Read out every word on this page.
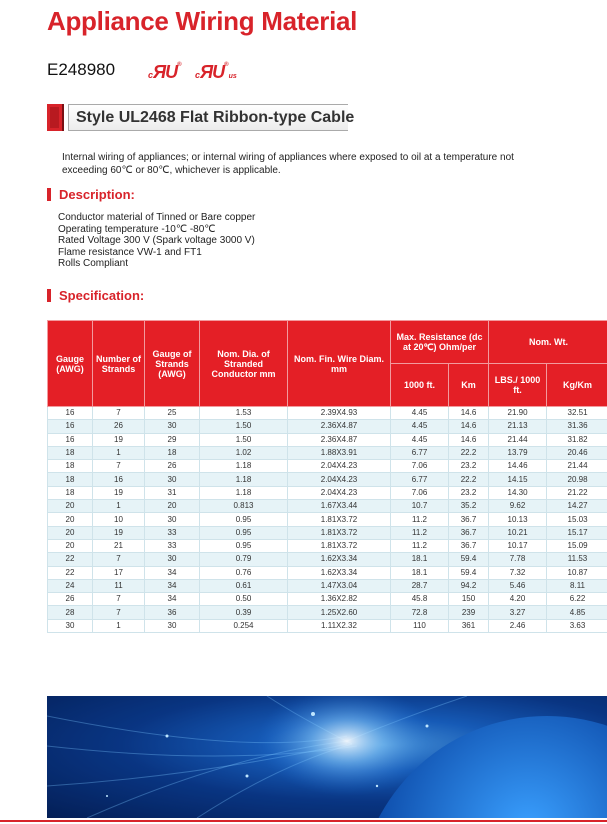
Appliance Wiring Material
E248980	cЯU®
cЯU®us
Style UL2468 Flat Ribbon-type Cable
Internal wiring of appliances; or internal wiring of appliances where exposed to oil at a temperature not exceeding 60℃ or 80℃, whichever is applicable.
Description:
Conductor material of Tinned or Bare copper
Operating temperature -10℃ -80℃
Rated Voltage 300 V (Spark voltage 3000 V)
Flame resistance VW-1 and FT1
Rolls Compliant
Specification:
Gauge (AWG)	Number of Strands	Gauge of Strands (AWG)	Nom. Dia. of Stranded Conductor mm	Nom. Fin. Wire Diam. mm	Max. Resistance (dc at 20℃) Ohm/per		Nom. Wt.	
					1000 ft.	Km	LBS./ 1000 ft.	Kg/Km
16	7	25	1.53	2.39X4.93	4.45	14.6	21.90	32.51
16	26	30	1.50	2.36X4.87	4.45	14.6	21.13	31.36
16	19	29	1.50	2.36X4.87	4.45	14.6	21.44	31.82
18	1	18	1.02	1.88X3.91	6.77	22.2	13.79	20.46
18	7	26	1.18	2.04X4.23	7.06	23.2	14.46	21.44
18	16	30	1.18	2.04X4.23	6.77	22.2	14.15	20.98
18	19	31	1.18	2.04X4.23	7.06	23.2	14.30	21.22
20	1	20	0.813	1.67X3.44	10.7	35.2	9.62	14.27
20	10	30	0.95	1.81X3.72	11.2	36.7	10.13	15.03
20	19	33	0.95	1.81X3.72	11.2	36.7	10.21	15.17
20	21	33	0.95	1.81X3.72	11.2	36.7	10.17	15.09
22	7	30	0.79	1.62X3.34	18.1	59.4	7.78	11.53
22	17	34	0.76	1.62X3.34	18.1	59.4	7.32	10.87
24	11	34	0.61	1.47X3.04	28.7	94.2	5.46	8.11
26	7	34	0.50	1.36X2.82	45.8	150	4.20	6.22
28	7	36	0.39	1.25X2.60	72.8	239	3.27	4.85
30	1	30	0.254	1.11X2.32	110	361	2.46	3.63
